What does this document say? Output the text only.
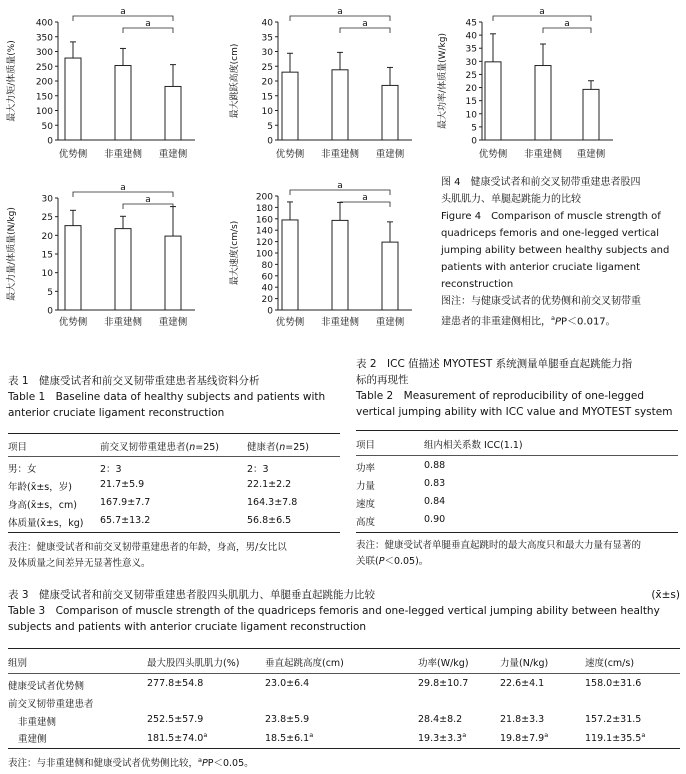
0
50
100
150
200
250
300
350
400
最大力矩/体质量(%)
优势侧 非重建侧 重建侧
a
a
0
5
10
15
20
25
30
35
40
最大跳跃高度(cm)
优势侧 非重建侧 重建侧
a
a
0
5
10
15
20
25
30
35
40
45
最大功率/体质量(W/kg)
优势侧 非重建侧 重建侧
a
a
0
5
10
15
20
25
30
最大力量/体质量(N/kg)
优势侧 非重建侧 重建侧
a
a
0
20
40
60
80
100
120
140
160
180
200
最大速度(cm/s)
优势侧 非重建侧 重建侧
a
a
图 4　健康受试者和前交叉韧带重建患者股四
头肌肌力、单腿起跳能力的比较
Figure 4　Comparison of muscle strength of
quadriceps femoris and one-legged vertical
jumping ability between healthy subjects and
patients with anterior cruciate ligament
reconstruction
图注：与健康受试者的优势侧和前交叉韧带重
建患者的非重建侧相比，$^a$PP＜0.017。
表 1　健康受试者和前交叉韧带重建患者基线资料分析
Table 1　Baseline data of healthy subjects and patients with
anterior cruciate ligament reconstruction
项目	前交叉韧带重建患者(n=25)	健康者(n=25)
男：女	2：3	2：3
年龄(x̄±s，岁)	21.7±5.9	22.1±2.2
身高(x̄±s，cm) 167.9±7.7	164.3±7.8
体质量(x̄±s，kg) 65.7±13.2	56.8±6.5
表注：健康受试者和前交叉韧带重建患者的年龄，身高，男/女比以
及体质量之间差异无显著性意义。
表 2　ICC 值描述 MYOTEST 系统测量单腿垂直起跳能力指
标的再现性
Table 2　Measurement of reproducibility of one-legged
vertical jumping ability with ICC value and MYOTEST system
项目	组内相关系数 ICC(1.1)
功率	0.88
力量	0.83
速度	0.84
高度	0.90
表注：健康受试者单腿垂直起跳时的最大高度只和最大力量有显著的
关联(P＜0.05)。
表 3　健康受试者和前交叉韧带重建患者股四头肌肌力、单腿垂直起跳能力比较	(x̄±s)
Table 3　Comparison of muscle strength of the quadriceps femoris and one-legged vertical jumping ability between healthy
subjects and patients with anterior cruciate ligament reconstruction
组别	最大股四头肌肌力(%)	垂直起跳高度(cm)	功率(W/kg)	力量(N/kg)	速度(cm/s)
健康受试者优势侧	277.8±54.8	23.0±6.4	29.8±10.7	22.6±4.1	158.0±31.6
前交叉韧带重建患者
非重建侧	252.5±57.9	23.8±5.9	28.4±8.2	21.8±3.3	157.2±31.5
重建侧	181.5±74.0$^a$	18.5±6.1$^a$	19.3±3.3$^a$	19.8±7.9$^a$	119.1±35.5$^a$
表注：与非重建侧和健康受试者优势侧比较，$^a$PP＜0.05。
